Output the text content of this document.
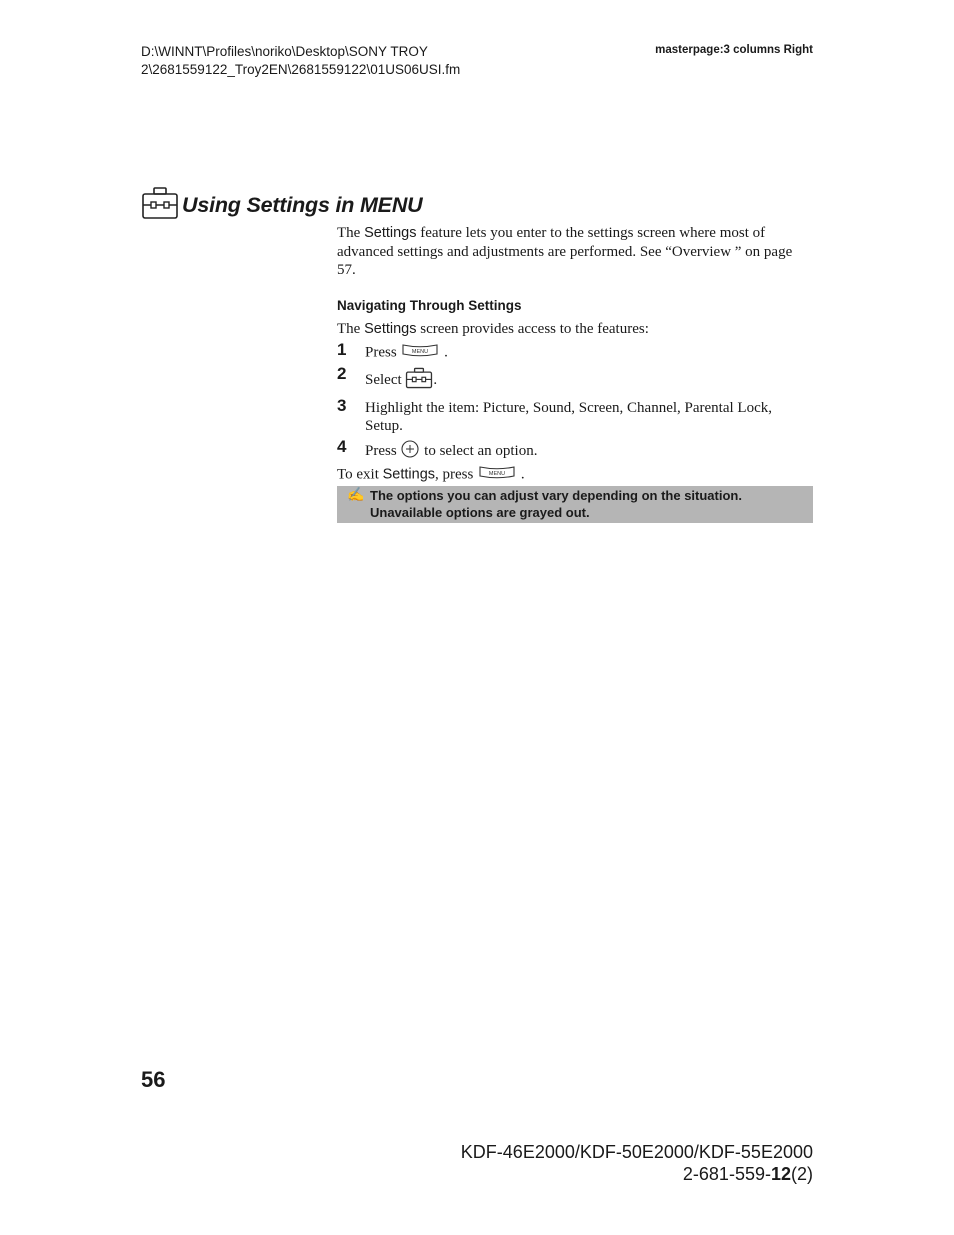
D:\WINNT\Profiles\noriko\Desktop\SONY TROY
2\2681559122_Troy2EN\2681559122\01US06USI.fm
masterpage:3 columns Right
Using Settings in MENU
The Settings feature lets you enter to the settings screen where most of
advanced settings and adjustments are performed. See “Overview ” on page
57.
Navigating Through Settings
The Settings screen provides access to the features:
1	Press	MENU .
2	Select .
3	Highlight the item: Picture, Sound, Screen, Channel, Parental Lock, Setup.
4	Press to select an option.
To exit Settings, press	MENU .
✍ The options you can adjust vary depending on the situation.
Unavailable options are grayed out.
56
KDF-46E2000/KDF-50E2000/KDF-55E2000
2-681-559-12(2)
